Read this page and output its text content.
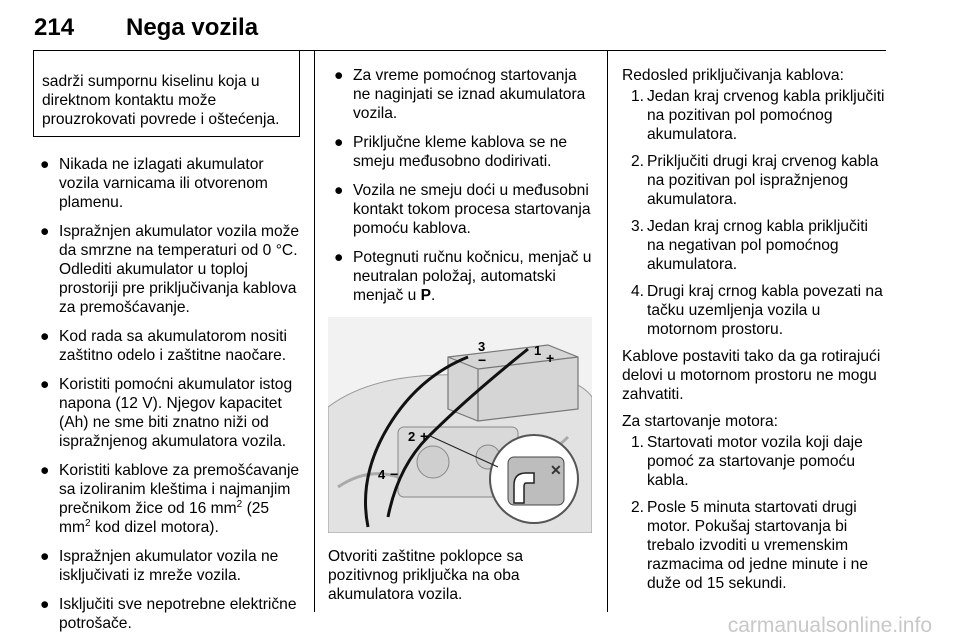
214 Nega vozila
sadrži sumpornu kiselinu koja u direktnom kontaktu može prouzrokovati povrede i oštećenja.
● Nikada ne izlagati akumulator vozila varnicama ili otvorenom plamenu.
● Ispražnjen akumulator vozila može da smrzne na temperaturi od 0 °C. Odlediti akumulator u toploj prostoriji pre priključivanja kablova za premošćavanje.
● Kod rada sa akumulatorom nositi zaštitno odelo i zaštitne naočare.
● Koristiti pomoćni akumulator istog napona (12 V). Njegov kapacitet (Ah) ne sme biti znatno niži od ispražnjenog akumulatora vozila.
● Koristiti kablove za premošćavanje sa izoliranim kleštima i najmanjim prečnikom žice od 16 $mm^2$ (25 $mm^2$ kod dizel motora).
● Ispražnjen akumulator vozila ne isključivati iz mreže vozila.
● Isključiti sve nepotrebne električne potrošače.
● Za vreme pomoćnog startovanja ne naginjati se iznad akumulatora vozila.
● Priključne kleme kablova se ne smeju međusobno dodirivati.
● Vozila ne smeju doći u međusobni kontakt tokom procesa startovanja pomoću kablova.
● Potegnuti ručnu kočnicu, menjač u neutralan položaj, automatski menjač u P.
✕
1 +
3
−
2 +
4 −

Otvoriti zaštitne poklopce sa pozitivnog priključka na oba akumulatora vozila.

Redosled priključivanja kablova:

1. Jedan kraj crvenog kabla priključiti na pozitivan pol pomoćnog akumulatora.
2. Priključiti drugi kraj crvenog kabla na pozitivan pol ispražnjenog akumulatora.
3. Jedan kraj crnog kabla priključiti na negativan pol pomoćnog akumulatora.
4. Drugi kraj crnog kabla povezati na tačku uzemljenja vozila u motornom prostoru.

Kablove postaviti tako da ga rotirajući delovi u motornom prostoru ne mogu zahvatiti.

Za startovanje motora:

1. Startovati motor vozila koji daje pomoć za startovanje pomoću kabla.
2. Posle 5 minuta startovati drugi motor. Pokušaj startovanja bi trebalo izvoditi u vremenskim razmacima od jedne minute i ne duže od 15 sekundi.
carmanualsonline.info
